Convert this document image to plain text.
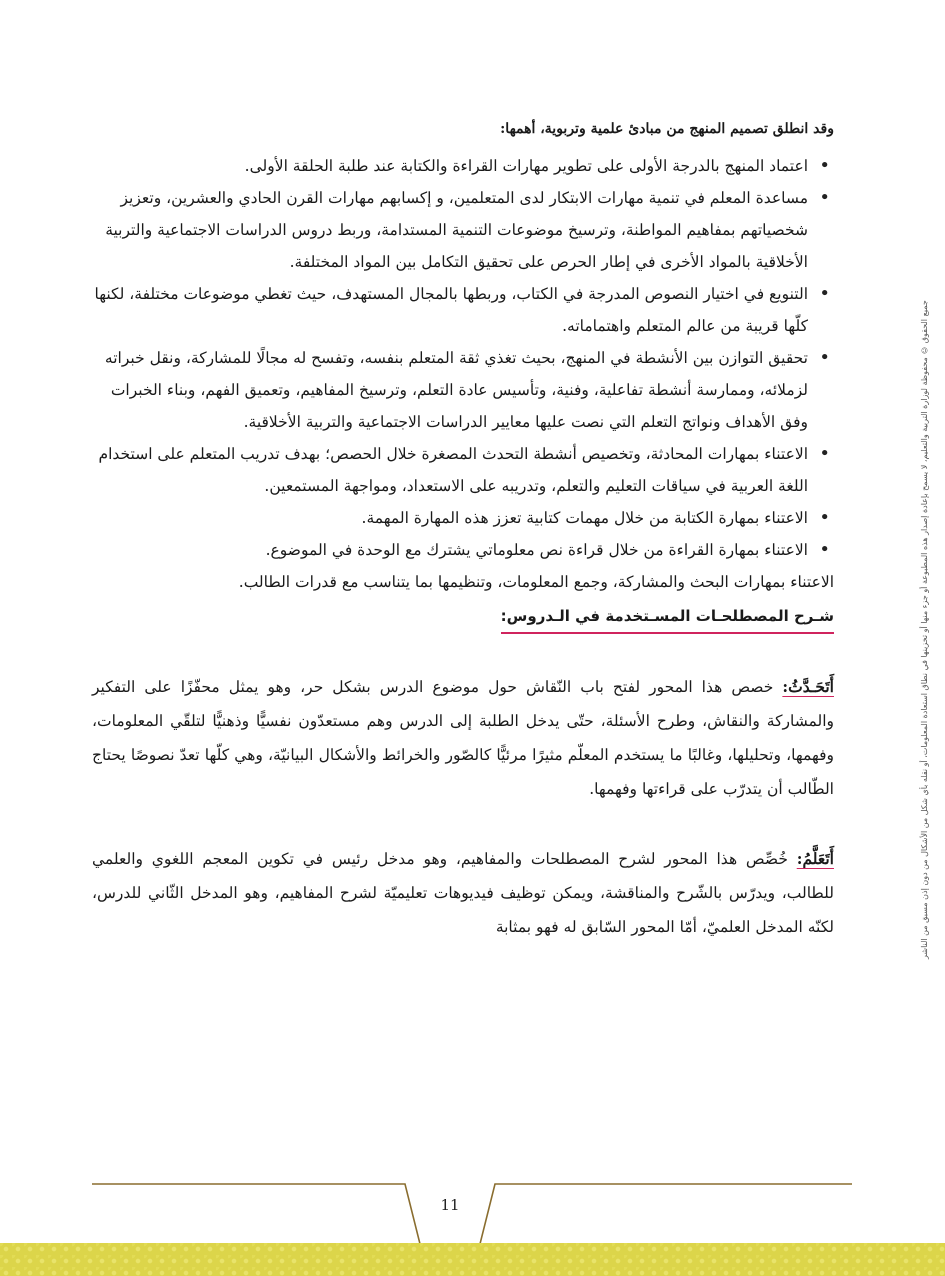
جميع الحقوق © محفوظة لوزارة التربية والتعليم، لا يسمح بإعادة إصدار هذه المطبوعة أو جزء منها أو تخزينها في نطاق استعادة المعلومات، أو نقله بأي شكل من الأشكال من دون إذن مسبق من الناشر

وقد انطلق تصميم المنهج من مبادئ علمية وتربوية، أهمها:

• اعتماد المنهج بالدرجة الأولى على تطوير مهارات القراءة والكتابة عند طلبة الحلقة الأولى.
• مساعدة المعلم في تنمية مهارات الابتكار لدى المتعلمين، و إكسابهم مهارات القرن الحادي والعشرين، وتعزيز شخصياتهم بمفاهيم المواطنة، وترسيخ موضوعات التنمية المستدامة، وربط دروس الدراسات الاجتماعية والتربية الأخلاقية بالمواد الأخرى في إطار الحرص على تحقيق التكامل بين المواد المختلفة.
• التنويع في اختيار النصوص المدرجة في الكتاب، وربطها بالمجال المستهدف، حيث تغطي موضوعات مختلفة، لكنها كلّها قريبة من عالم المتعلم واهتماماته.
• تحقيق التوازن بين الأنشطة في المنهج، بحيث تغذي ثقة المتعلم بنفسه، وتفسح له مجالًا للمشاركة، ونقل خبراته لزملائه، وممارسة أنشطة تفاعلية، وفنية، وتأسيس عادة التعلم، وترسيخ المفاهيم، وتعميق الفهم، وبناء الخبرات وفق الأهداف ونواتج التعلم التي نصت عليها معايير الدراسات الاجتماعية والتربية الأخلاقية.
• الاعتناء بمهارات المحادثة، وتخصيص أنشطة التحدث المصغرة خلال الحصص؛ بهدف تدريب المتعلم على استخدام اللغة العربية في سياقات التعليم والتعلم، وتدريبه على الاستعداد، ومواجهة المستمعين.
• الاعتناء بمهارة الكتابة من خلال مهمات كتابية تعزز هذه المهارة المهمة.
• الاعتناء بمهارة القراءة من خلال قراءة نص معلوماتي يشترك مع الوحدة في الموضوع.

الاعتناء بمهارات البحث والمشاركة، وجمع المعلومات، وتنظيمها بما يتناسب مع قدرات الطالب.

شـرح المصطلحـات المسـتخدمة في الـدروس:

أَتَحَـدَّثُ: خصص هذا المحور لفتح باب النّقاش حول موضوع الدرس بشكل حر، وهو يمثل محفّزًا على التفكير والمشاركة والنقاش، وطرح الأسئلة، حتّى يدخل الطلبة إلى الدرس وهم مستعدّون نفسيًّا وذهنيًّا لتلقّي المعلومات، وفهمها، وتحليلها، وغالبًا ما يستخدم المعلّم مثيرًا مرئيًّا كالصّور والخرائط والأشكال البيانيّة، وهي كلّها تعدّ نصوصًا يحتاج الطّالب أن يتدرّب على قراءتها وفهمها.

أَتَعَلَّمُ: خُصِّص هذا المحور لشرح المصطلحات والمفاهيم، وهو مدخل رئيس في تكوين المعجم اللغوي والعلمي للطالب، ويدرّس بالشّرح والمناقشة، ويمكن توظيف فيديوهات تعليميّة لشرح المفاهيم، وهو المدخل الثّاني للدرس، لكنّه المدخل العلميّ، أمّا المحور السّابق له فهو بمثابة

11
